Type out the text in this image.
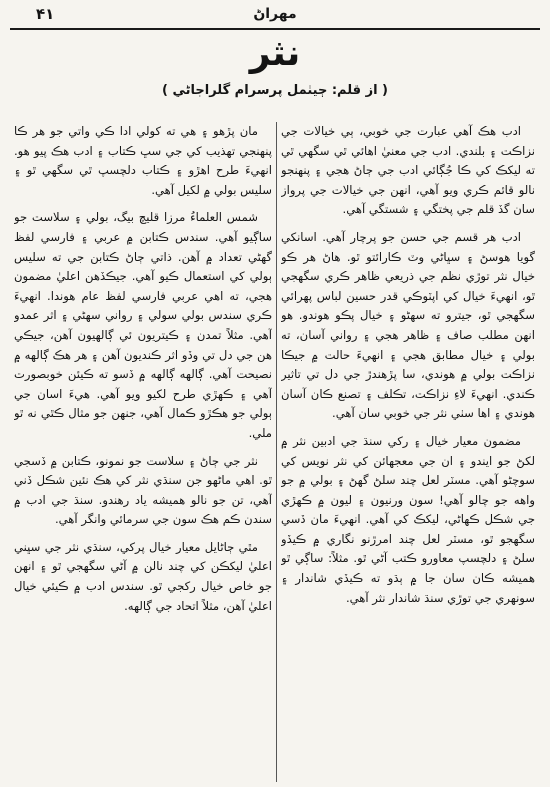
۴۱	مهراڻ
نثر
( از قلم: ڄيٺمل پرسرام گلراجاڻي )

ادب هڪ آهي عبارت جي خوبي، ٻي خيالات جي نزاڪت ۽ بلندي. ادب جي معنيٰ اهائي ٿي سگهي ٿي ته ليکڪ کي ڪا جُڳائي ادب جي ڄاڻ هجي ۽ پنهنجو نالو قائم ڪري ويو آهي، انهن جي خيالات جي پرواز سان گڏ قلم جي پختگي ۽ شستگي آهي.

ادب هر قسم جي حسن جو پرچار آهي. اسانکي گويا هوسڻ ۽ سڀاڻي وٽ ڪارائتو ٿو. هاڻ هر ڪو خيال نثر توڙي نظم جي ذريعي ظاهر ڪري سگهجي ٿو، انهيءَ خيال کي اپٽوڪي قدر حسين لباس پهرائي سگهجي ٿو، جيترو ته سهڻو ۽ خيال پڪو هوندو. هو انهن مطلب صاف ۽ ظاهر هجي ۽ رواني آسان، ته بولي ۽ خيال مطابق هجي ۽ انهيءَ حالت ۾ جيڪا نزاڪت بولي ۾ هوندي، سا پڙهندڙ جي دل تي تاثير ڪندي. انهيءَ لاءِ نزاڪت، تڪلف ۽ تصنع ڪان آسان هوندي ۽ اها سٺي نثر جي خوبي سان آهي.

مضمون معيار خيال ۽ رکي سنڌ جي ادبين نثر ۾ لکڻ جو ايندو ۽ ان جي معجهائن کي نثر نويس کي سوچڻو آهي. مسٽر لعل چند سلڻ گهڻ ۽ بولي ۾ جو واهه جو چالو آهي! سون ورنيون ۽ ليون ۾ ڪهڙي جي شڪل ڪهاڻي، ليکڪ کي آهي. انهيءَ مان ڏسي سگهجو ٿو، مسٽر لعل چند امرڙنو نگاري ۾ ڪيڏو سلڻ ۽ دلچسپ معاورو ڪتب آڻي ٿو. مثلاً: ساڳي ٿو هميشه ڪان سان جا ۾ ٻڌو ته ڪيڏي شاندار ۽ سونهري جي توڙي سنڌ شاندار نثر آهي.

مان پڙهو ۽ هي ته کولي ادا ڪي واتي جو هر ڪا پنهنجي تهذيب کي جي سڀ ڪتاب ۽ ادب هڪ پيو هو. انهيءَ طرح اهڙو ۽ ڪتاب دلچسپ ٿي سگهي ٿو ۽ سليس بولي ۾ لکيل آهي.

شمس العلماءُ مرزا قليچ بيگ، بولي ۽ سلاست جو ساڳيو آهي. سندس ڪتابن ۾ عربي ۽ فارسي لفظ گهڻي تعداد ۾ آهن. ذاتي ڄاڻ ڪتابن جي ته سليس ٻولي کي استعمال ڪيو آهي. جيڪڏهن اعليٰ مضمون هجي، ته اهي عربي فارسي لفظ عام هوندا. انهيءَ ڪري سندس بولي سولي ۽ رواني سهڻي ۽ اثر عمدو آهي. مثلاً تمدن ۽ ڪيتريون ئي ڳالهيون آهن، جيڪي هن جي دل تي وڏو اثر ڪنديون آهن ۽ هر هڪ ڳالهه ۾ نصيحت آهي. ڳالهه ڳالهه ۾ ڏسو ته ڪيئن خوبصورت آهي ۽ ڪهڙي طرح لکيو ويو آهي. هيءَ اسان جي ٻولي جو هڪڙو ڪمال آهي، جنهن جو مثال ڪٿي نه ٿو ملي.

نثر جي ڄاڻ ۽ سلاست جو نمونو، ڪتابن ۾ ڏسجي ٿو. اهي ماڻهو جن سنڌي نثر کي هڪ نئين شڪل ڏني آهي، تن جو نالو هميشه ياد رهندو. سنڌ جي ادب ۾ سندن ڪم هڪ سون جي سرمائي وانگر آهي.

مٿي ڄاڻايل معيار خيال پرکي، سنڌي نثر جي سڀني اعليٰ ليکڪن کي چند نالن ۾ آڻي سگهجي ٿو ۽ انهن جو خاص خيال رکجي ٿو. سندس ادب ۾ ڪيئي خيال اعليٰ آهن، مثلاً اتحاد جي ڳالهه.
